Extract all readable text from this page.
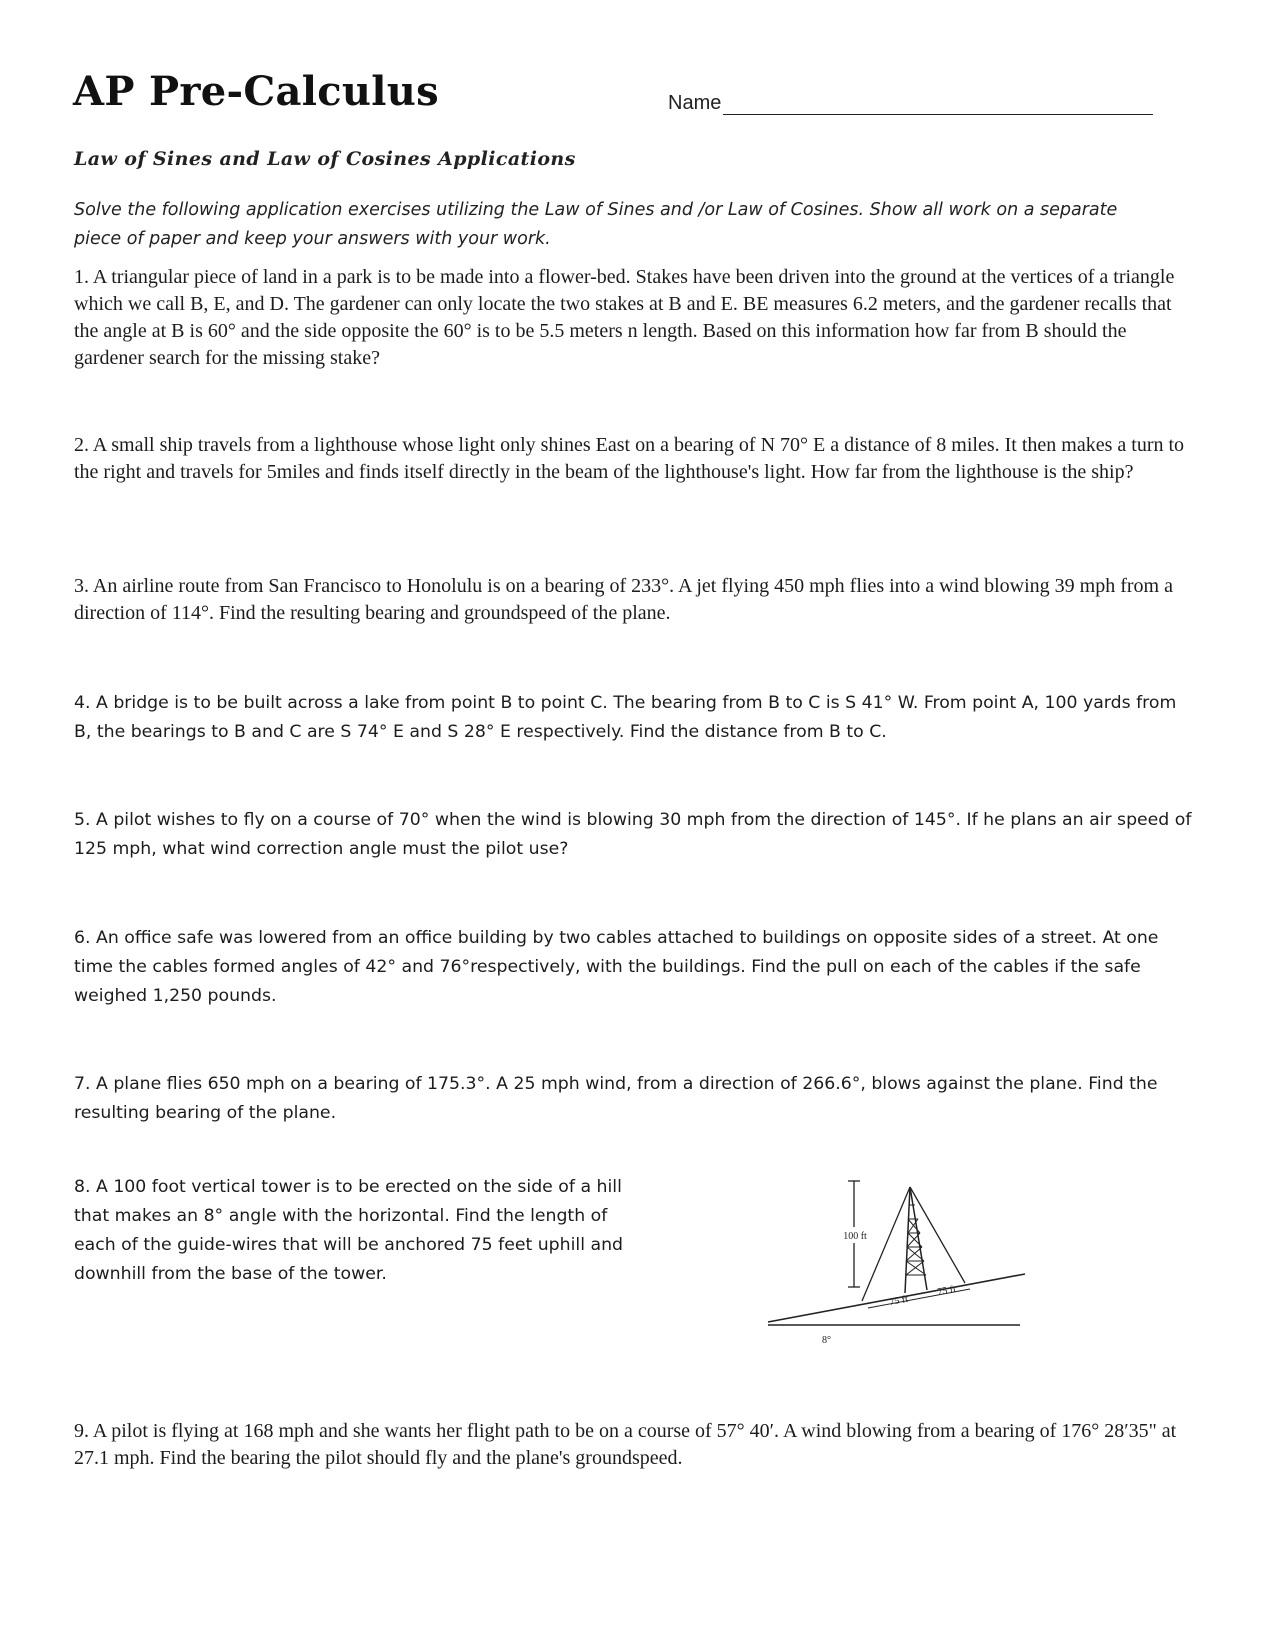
AP Pre-Calculus	Name
Law of Sines and Law of Cosines Applications
Solve the following application exercises utilizing the Law of Sines and /or Law of Cosines. Show all work on a separate piece of paper and keep your answers with your work.
1. A triangular piece of land in a park is to be made into a flower-bed. Stakes have been driven into the ground at the vertices of a triangle which we call B, E, and D. The gardener can only locate the two stakes at B and E. BE measures 6.2 meters, and the gardener recalls that the angle at B is 60° and the side opposite the 60° is to be 5.5 meters n length. Based on this information how far from B should the gardener search for the missing stake?
2. A small ship travels from a lighthouse whose light only shines East on a bearing of N 70° E a distance of 8 miles. It then makes a turn to the right and travels for 5miles and finds itself directly in the beam of the lighthouse's light. How far from the lighthouse is the ship?
3. An airline route from San Francisco to Honolulu is on a bearing of 233°. A jet flying 450 mph flies into a wind blowing 39 mph from a direction of 114°. Find the resulting bearing and groundspeed of the plane.
4. A bridge is to be built across a lake from point B to point C. The bearing from B to C is S 41° W. From point A, 100 yards from B, the bearings to B and C are S 74° E and S 28° E respectively. Find the distance from B to C.
5. A pilot wishes to fly on a course of 70° when the wind is blowing 30 mph from the direction of 145°. If he plans an air speed of 125 mph, what wind correction angle must the pilot use?
6. An office safe was lowered from an office building by two cables attached to buildings on opposite sides of a street. At one time the cables formed angles of 42° and 76°respectively, with the buildings. Find the pull on each of the cables if the safe weighed 1,250 pounds.
7. A plane flies 650 mph on a bearing of 175.3°. A 25 mph wind, from a direction of 266.6°, blows against the plane. Find the resulting bearing of the plane.
8. A 100 foot vertical tower is to be erected on the side of a hill that makes an 8° angle with the horizontal. Find the length of each of the guide-wires that will be anchored 75 feet uphill and downhill from the base of the tower.
100 ft
75 ft
75 ft
8°
9. A pilot is flying at 168 mph and she wants her flight path to be on a course of 57° 40′. A wind blowing from a bearing of 176° 28′35" at 27.1 mph. Find the bearing the pilot should fly and the plane's groundspeed.
